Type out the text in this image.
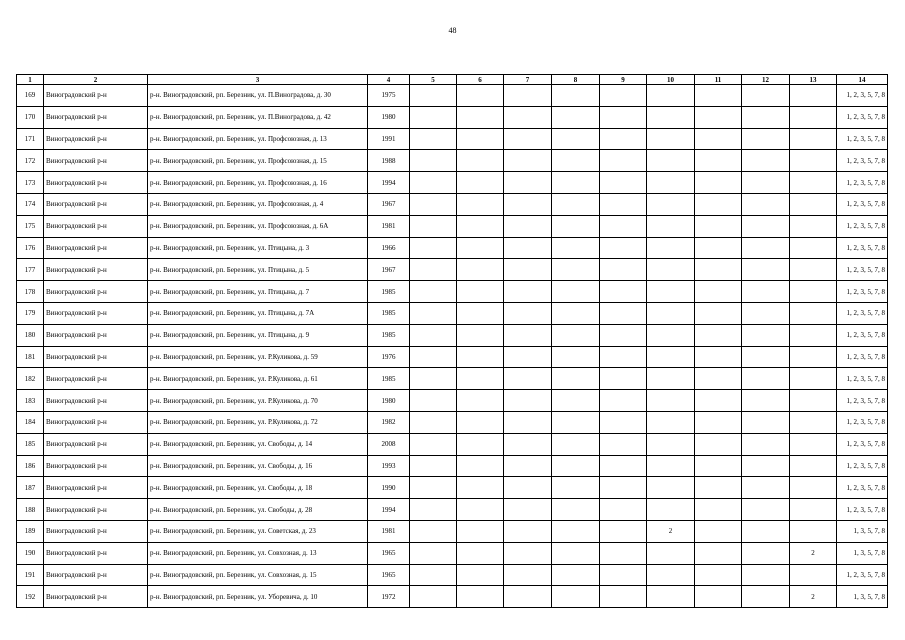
48
1	2	3	4	5	6	7	8	9	10	11	12	13	14
169	Виноградовский р-н	р-н. Виноградовский, рп. Березник, ул. П.Виноградова, д. 30	1975										1, 2, 3, 5, 7, 8
170	Виноградовский р-н	р-н. Виноградовский, рп. Березник, ул. П.Виноградова, д. 42	1980										1, 2, 3, 5, 7, 8
171	Виноградовский р-н	р-н. Виноградовский, рп. Березник, ул. Профсоюзная, д. 13	1991										1, 2, 3, 5, 7, 8
172	Виноградовский р-н	р-н. Виноградовский, рп. Березник, ул. Профсоюзная, д. 15	1988										1, 2, 3, 5, 7, 8
173	Виноградовский р-н	р-н. Виноградовский, рп. Березник, ул. Профсоюзная, д. 16	1994										1, 2, 3, 5, 7, 8
174	Виноградовский р-н	р-н. Виноградовский, рп. Березник, ул. Профсоюзная, д. 4	1967										1, 2, 3, 5, 7, 8
175	Виноградовский р-н	р-н. Виноградовский, рп. Березник, ул. Профсоюзная, д. 6А	1981										1, 2, 3, 5, 7, 8
176	Виноградовский р-н	р-н. Виноградовский, рп. Березник, ул. Птицына, д. 3	1966										1, 2, 3, 5, 7, 8
177	Виноградовский р-н	р-н. Виноградовский, рп. Березник, ул. Птицына, д. 5	1967										1, 2, 3, 5, 7, 8
178	Виноградовский р-н	р-н. Виноградовский, рп. Березник, ул. Птицына, д. 7	1985										1, 2, 3, 5, 7, 8
179	Виноградовский р-н	р-н. Виноградовский, рп. Березник, ул. Птицына, д. 7А	1985										1, 2, 3, 5, 7, 8
180	Виноградовский р-н	р-н. Виноградовский, рп. Березник, ул. Птицына, д. 9	1985										1, 2, 3, 5, 7, 8
181	Виноградовский р-н	р-н. Виноградовский, рп. Березник, ул. Р.Куликова, д. 59	1976										1, 2, 3, 5, 7, 8
182	Виноградовский р-н	р-н. Виноградовский, рп. Березник, ул. Р.Куликова, д. 61	1985										1, 2, 3, 5, 7, 8
183	Виноградовский р-н	р-н. Виноградовский, рп. Березник, ул. Р.Куликова, д. 70	1980										1, 2, 3, 5, 7, 8
184	Виноградовский р-н	р-н. Виноградовский, рп. Березник, ул. Р.Куликова, д. 72	1982										1, 2, 3, 5, 7, 8
185	Виноградовский р-н	р-н. Виноградовский, рп. Березник, ул. Свободы, д. 14	2008										1, 2, 3, 5, 7, 8
186	Виноградовский р-н	р-н. Виноградовский, рп. Березник, ул. Свободы, д. 16	1993										1, 2, 3, 5, 7, 8
187	Виноградовский р-н	р-н. Виноградовский, рп. Березник, ул. Свободы, д. 18	1990										1, 2, 3, 5, 7, 8
188	Виноградовский р-н	р-н. Виноградовский, рп. Березник, ул. Свободы, д. 28	1994										1, 2, 3, 5, 7, 8
189	Виноградовский р-н	р-н. Виноградовский, рп. Березник, ул. Советская, д. 23	1981						2				1, 3, 5, 7, 8
190	Виноградовский р-н	р-н. Виноградовский, рп. Березник, ул. Совхозная, д. 13	1965									2	1, 3, 5, 7, 8
191	Виноградовский р-н	р-н. Виноградовский, рп. Березник, ул. Совхозная, д. 15	1965										1, 2, 3, 5, 7, 8
192	Виноградовский р-н	р-н. Виноградовский, рп. Березник, ул. Уборевича, д. 10	1972									2	1, 3, 5, 7, 8
